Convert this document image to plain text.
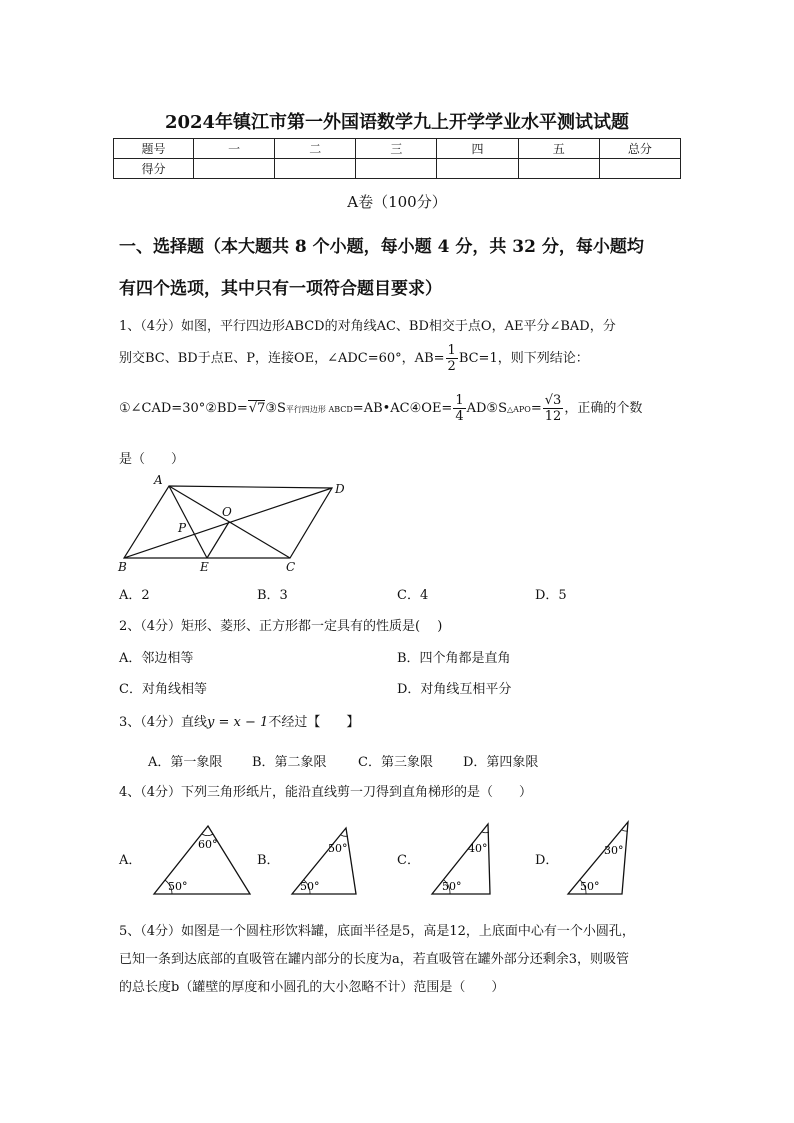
2024年镇江市第一外国语数学九上开学学业水平测试试题
题号	一	二	三	四	五	总分
得分						
A卷（100分）
一、选择题（本大题共 8 个小题，每小题 4 分，共 32 分，每小题均
有四个选项，其中只有一项符合题目要求）
1、（4分）如图，平行四边形ABCD的对角线AC、BD相交于点O，AE平分∠BAD，分
别交BC、BD于点E、P，连接OE，∠ADC=60°，$AB= \frac{1}{2} BC=1$，则下列结论：
①∠CAD=30°②BD=√7③S平行四边形 ABCD=AB•AC④OE= $\frac{1}{4}$ AD⑤S△APO= $\frac{√3}{12}$ ，正确的个数
是（　　）
A
B	C
D
O
P
E
A．2	B．3	C．4	D．5
2、（4分）矩形、菱形、正方形都一定具有的性质是(　 )
A．邻边相等	B．四个角都是直角
C．对角线相等	D．对角线互相平分
3、（4分）直线y = x − 1不经过【　　】
A．第一象限 B．第二象限 C．第三象限 D．第四象限
4、（4分）下列三角形纸片，能沿直线剪一刀得到直角梯形的是（　　）
A．
60°
50°
B．
50°
50°
C．
40°
50°
D．
30°
50°
5、（4分）如图是一个圆柱形饮料罐，底面半径是5，高是12，上底面中心有一个小圆孔，
已知一条到达底部的直吸管在罐内部分的长度为a，若直吸管在罐外部分还剩余3，则吸管
的总长度b（罐壁的厚度和小圆孔的大小忽略不计）范围是（　　）
